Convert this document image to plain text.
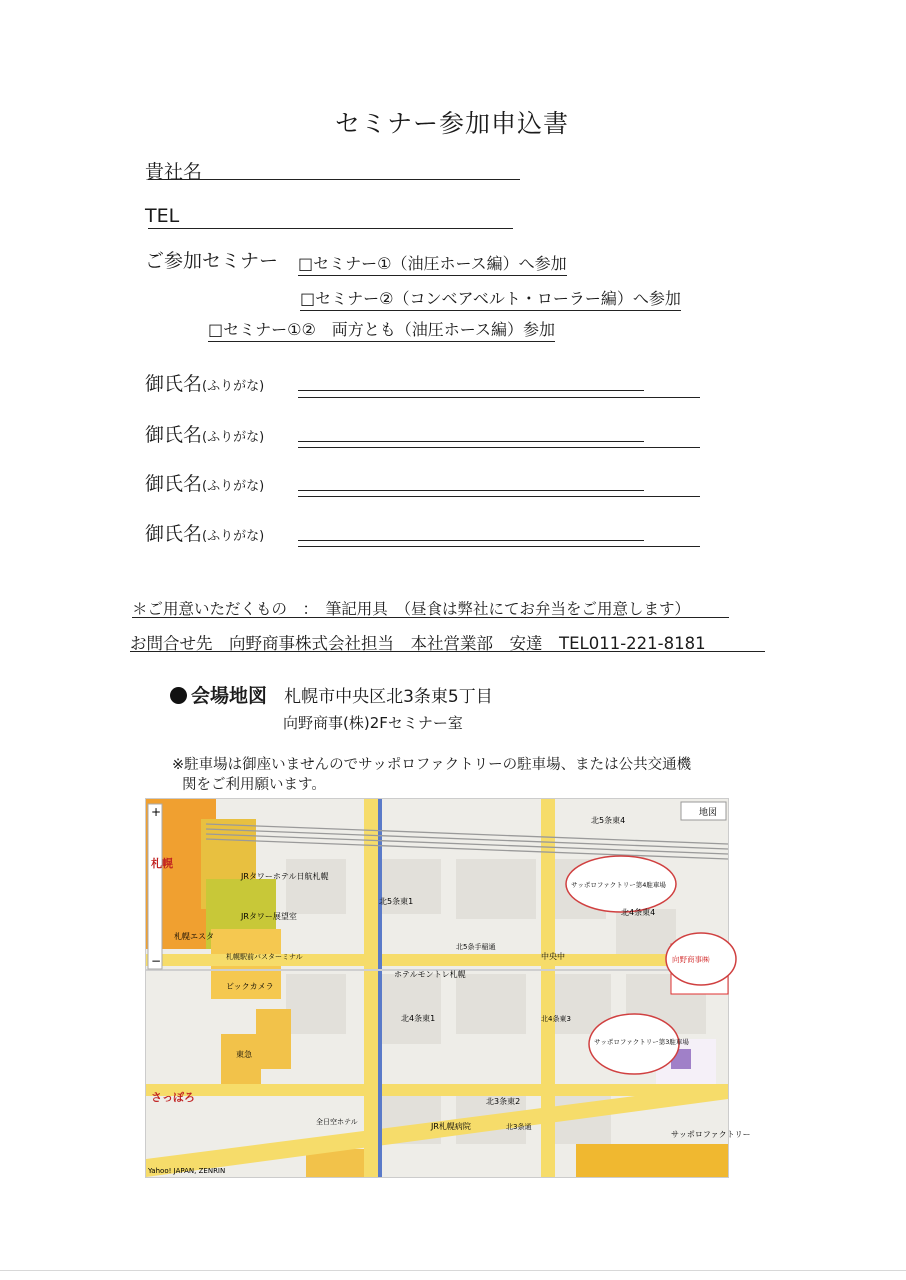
セミナー参加申込書
貴社名
TEL
ご参加セミナー □セミナー①（油圧ホース編）へ参加
□セミナー②（コンベアベルト・ローラー編）へ参加
□セミナー①②　両方とも（油圧ホース編）参加
御氏名(ふりがな)
御氏名(ふりがな)
御氏名(ふりがな)
御氏名(ふりがな)
＊ご用意いただくもの　：　筆記用具　（昼食は弊社にてお弁当をご用意します）
お問合せ先　向野商事株式会社担当　本社営業部　安達　TEL011-221-8181
会場地図 札幌市中央区北3条東5丁目
向野商事(株)2Fセミナー室
※駐車場は御座いませんのでサッポロファクトリーの駐車場、または公共交通機
関をご利用願います。
+
−
札幌
さっぽろ
JRタワー展望室
JRタワーホテル日航札幌
ビックカメラ
東急
札幌エスタ
札幌駅前バスターミナル
ホテルモントレ札幌
中央中
北5条東1
北4条東1
北3条東2
北5条東4
北4条東4
サッポロファクトリー
サッポロファクトリー第4駐車場
サッポロファクトリー第3駐車場
向野商事㈱
北3条通
北5条手稲通
北4条東3
JR札幌病院
全日空ホテル
Yahoo! JAPAN, ZENRIN
地図
